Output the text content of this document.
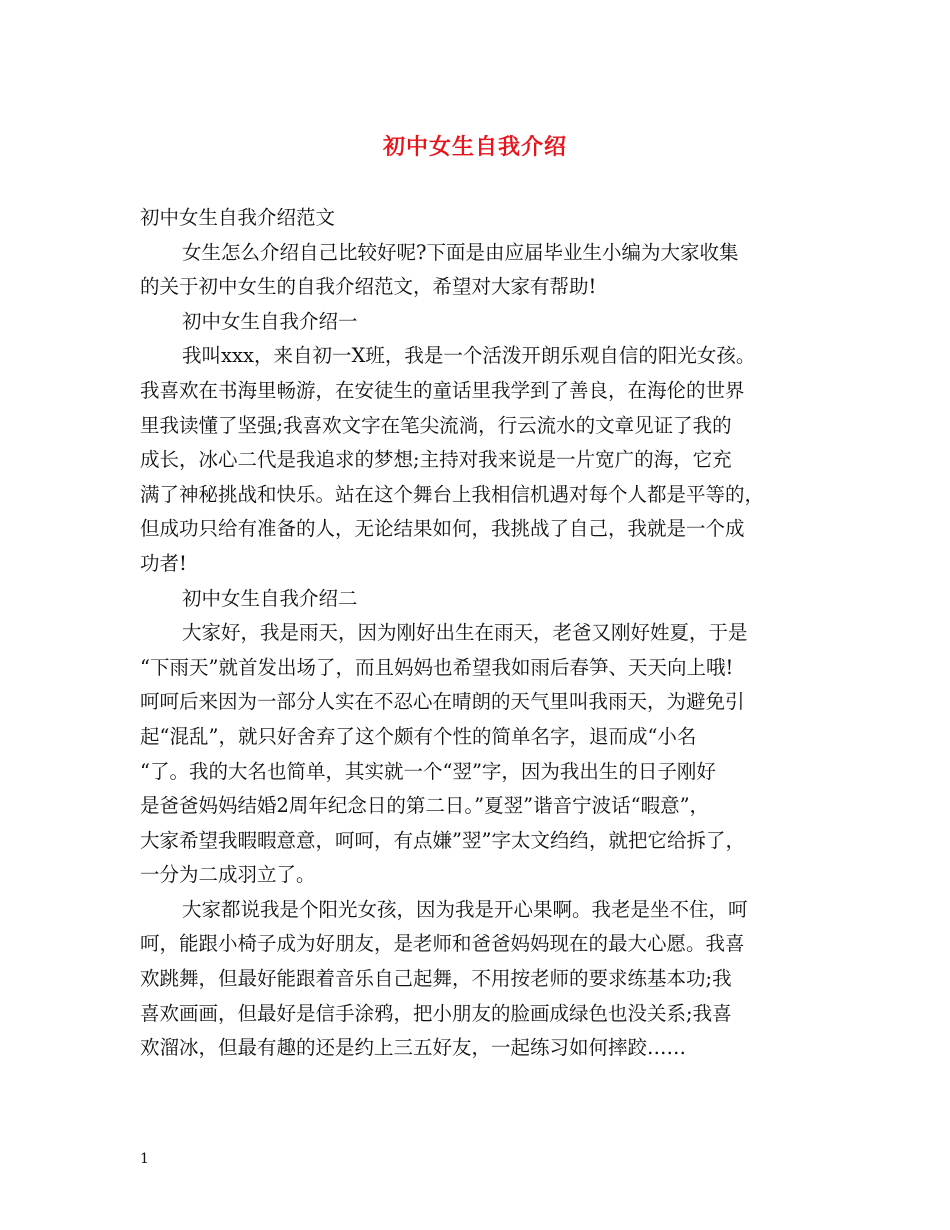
初中女生自我介绍
初中女生自我介绍范文
女生怎么介绍自己比较好呢?下面是由应届毕业生小编为大家收集
的关于初中女生的自我介绍范文，希望对大家有帮助!
初中女生自我介绍一
我叫xxx，来自初一X班，我是一个活泼开朗乐观自信的阳光女孩。
我喜欢在书海里畅游，在安徒生的童话里我学到了善良，在海伦的世界
里我读懂了坚强;我喜欢文字在笔尖流淌，行云流水的文章见证了我的
成长，冰心二代是我追求的梦想;主持对我来说是一片宽广的海，它充
满了神秘挑战和快乐。站在这个舞台上我相信机遇对每个人都是平等的，
但成功只给有准备的人，无论结果如何，我挑战了自己，我就是一个成
功者!
初中女生自我介绍二
大家好，我是雨天，因为刚好出生在雨天，老爸又刚好姓夏，于是
“下雨天”就首发出场了，而且妈妈也希望我如雨后春笋、天天向上哦!
呵呵后来因为一部分人实在不忍心在晴朗的天气里叫我雨天，为避免引
起“混乱”，就只好舍弃了这个颇有个性的简单名字，退而成“小名
“了。我的大名也简单，其实就一个“翌”字，因为我出生的日子刚好
是爸爸妈妈结婚2周年纪念日的第二日。”夏翌”谐音宁波话“暇意”，
大家希望我暇暇意意，呵呵，有点嫌”翌”字太文绉绉，就把它给拆了，
一分为二成羽立了。
大家都说我是个阳光女孩，因为我是开心果啊。我老是坐不住，呵
呵，能跟小椅子成为好朋友，是老师和爸爸妈妈现在的最大心愿。我喜
欢跳舞，但最好能跟着音乐自己起舞，不用按老师的要求练基本功;我
喜欢画画，但最好是信手涂鸦，把小朋友的脸画成绿色也没关系;我喜
欢溜冰，但最有趣的还是约上三五好友，一起练习如何摔跤……
1
